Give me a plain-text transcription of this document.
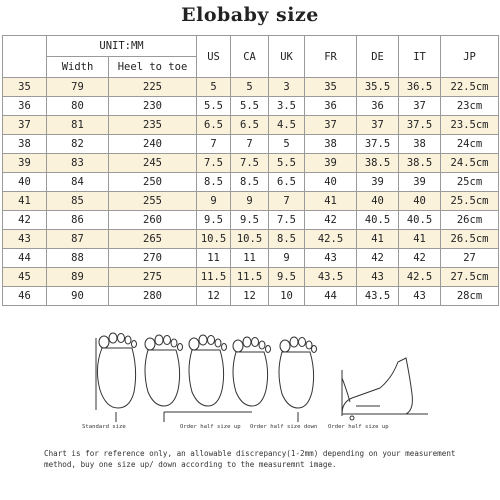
Elobaby size
	UNIT:MM		US	CA	UK	FR	DE	IT	JP
	Width	Heel to toe							
35	79	225	5	5	3	35	35.5	36.5	22.5cm
36	80	230	5.5	5.5	3.5	36	36	37	23cm
37	81	235	6.5	6.5	4.5	37	37	37.5	23.5cm
38	82	240	7	7	5	38	37.5	38	24cm
39	83	245	7.5	7.5	5.5	39	38.5	38.5	24.5cm
40	84	250	8.5	8.5	6.5	40	39	39	25cm
41	85	255	9	9	7	41	40	40	25.5cm
42	86	260	9.5	9.5	7.5	42	40.5	40.5	26cm
43	87	265	10.5	10.5	8.5	42.5	41	41	26.5cm
44	88	270	11	11	9	43	42	42	27
45	89	275	11.5	11.5	9.5	43.5	43	42.5	27.5cm
46	90	280	12	12	10	44	43.5	43	28cm
Standard size	Order half size up Order half size down Order half size up
Chart is for reference only, an allowable discrepancy(1-2mm) depending on your measurement
method, buy one size up/ down according to the measuremnt image.
